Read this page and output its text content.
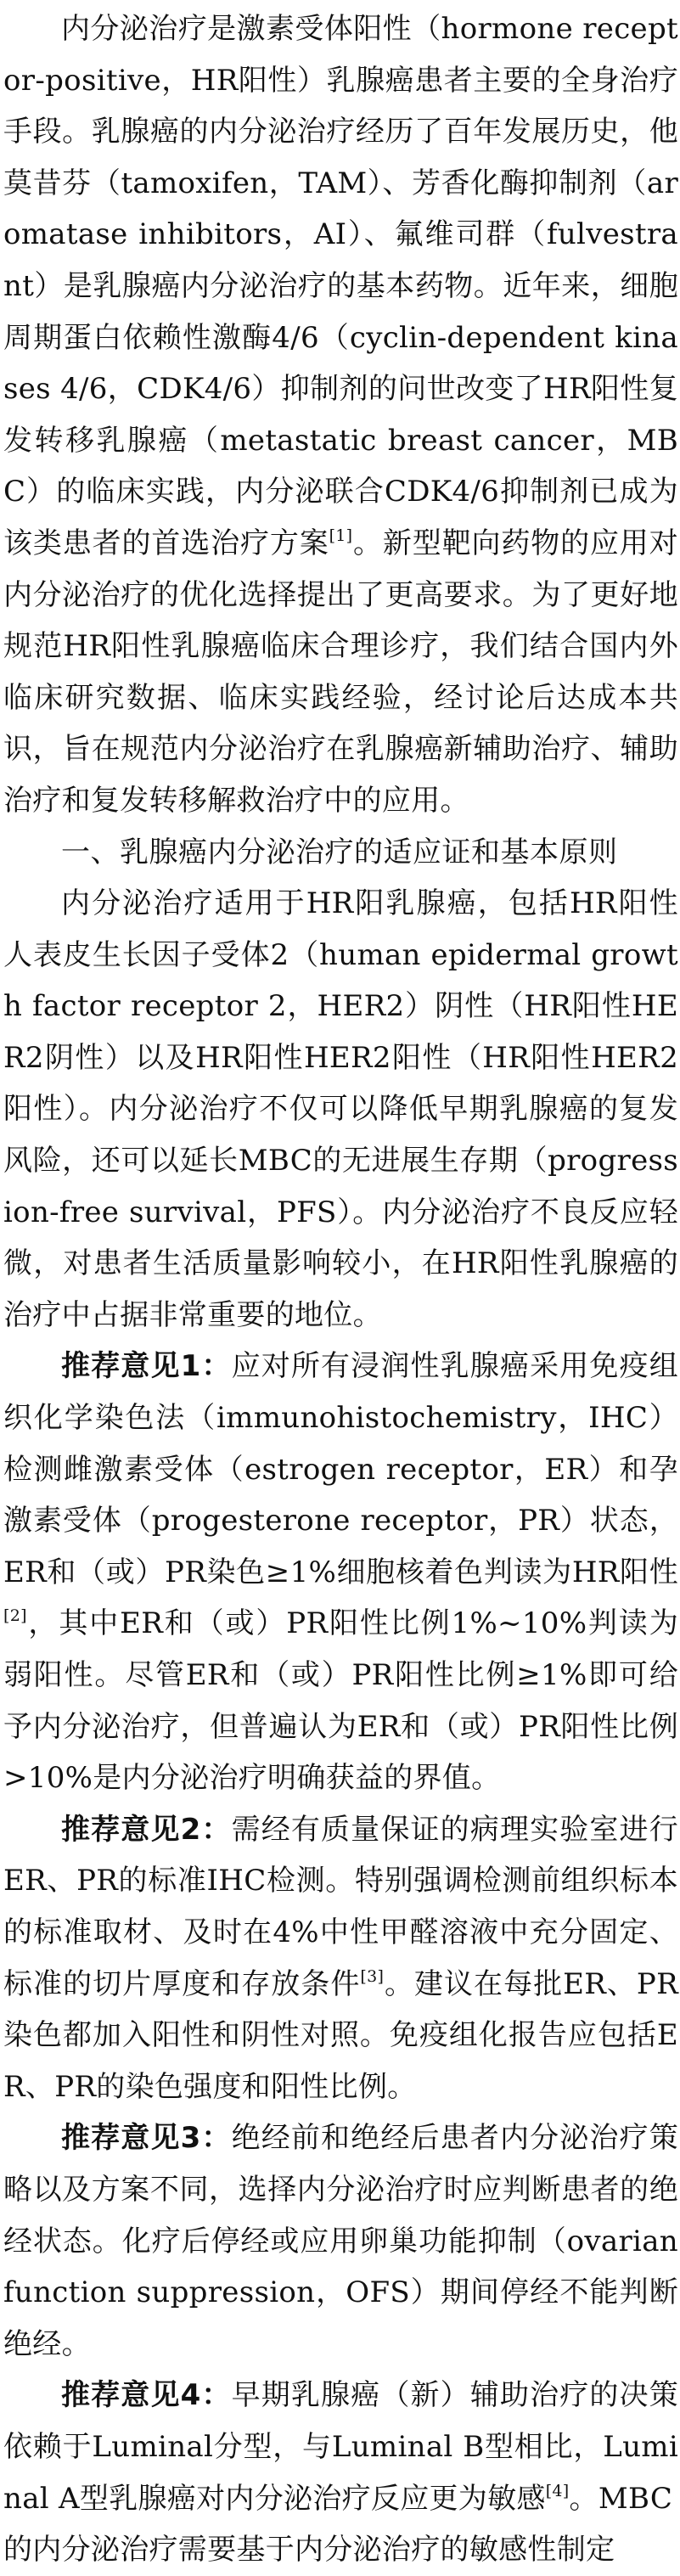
内分泌治疗是激素受体阳性（hormone receptor-positive，HR阳性）乳腺癌患者主要的全身治疗手段。乳腺癌的内分泌治疗经历了百年发展历史，他莫昔芬（tamoxifen，TAM）、芳香化酶抑制剂（aromatase inhibitors，AI）、氟维司群（fulvestrant）是乳腺癌内分泌治疗的基本药物。近年来，细胞周期蛋白依赖性激酶4/6（cyclin-dependent kinases 4/6，CDK4/6）抑制剂的问世改变了HR阳性复发转移乳腺癌（metastatic breast cancer，MBC）的临床实践，内分泌联合CDK4/6抑制剂已成为该类患者的首选治疗方案[1]。新型靶向药物的应用对内分泌治疗的优化选择提出了更高要求。为了更好地规范HR阳性乳腺癌临床合理诊疗，我们结合国内外临床研究数据、临床实践经验，经讨论后达成本共识，旨在规范内分泌治疗在乳腺癌新辅助治疗、辅助治疗和复发转移解救治疗中的应用。

一、乳腺癌内分泌治疗的适应证和基本原则

内分泌治疗适用于HR阳乳腺癌，包括HR阳性人表皮生长因子受体2（human epidermal growth factor receptor 2，HER2）阴性（HR阳性HER2阴性）以及HR阳性HER2阳性（HR阳性HER2阳性）。内分泌治疗不仅可以降低早期乳腺癌的复发风险，还可以延长MBC的无进展生存期（progression-free survival，PFS）。内分泌治疗不良反应轻微，对患者生活质量影响较小，在HR阳性乳腺癌的治疗中占据非常重要的地位。

推荐意见1：应对所有浸润性乳腺癌采用免疫组织化学染色法（immunohistochemistry，IHC）检测雌激素受体（estrogen receptor，ER）和孕激素受体（progesterone receptor，PR）状态，ER和（或）PR染色≥1%细胞核着色判读为HR阳性[2]，其中ER和（或）PR阳性比例1%~10%判读为弱阳性。尽管ER和（或）PR阳性比例≥1%即可给予内分泌治疗，但普遍认为ER和（或）PR阳性比例>10%是内分泌治疗明确获益的界值。

推荐意见2：需经有质量保证的病理实验室进行ER、PR的标准IHC检测。特别强调检测前组织标本的标准取材、及时在4%中性甲醛溶液中充分固定、标准的切片厚度和存放条件[3]。建议在每批ER、PR染色都加入阳性和阴性对照。免疫组化报告应包括ER、PR的染色强度和阳性比例。

推荐意见3：绝经前和绝经后患者内分泌治疗策略以及方案不同，选择内分泌治疗时应判断患者的绝经状态。化疗后停经或应用卵巢功能抑制（ovarian function suppression，OFS）期间停经不能判断绝经。

推荐意见4：早期乳腺癌（新）辅助治疗的决策依赖于Luminal分型，与Luminal B型相比，Luminal A型乳腺癌对内分泌治疗反应更为敏感[4]。MBC

的内分泌治疗需要基于内分泌治疗的敏感性制定
